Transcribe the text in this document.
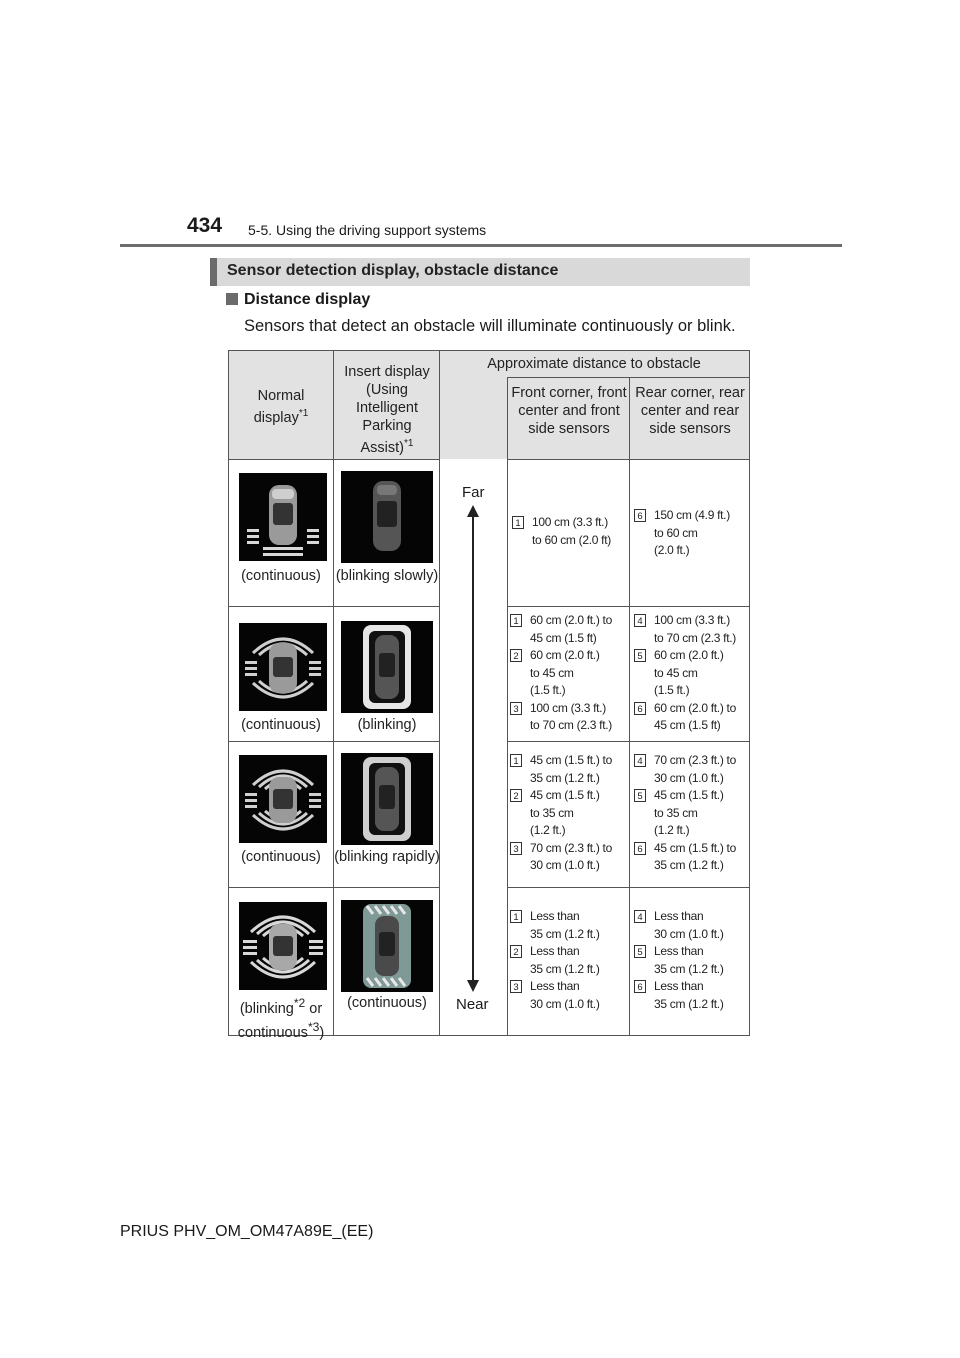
434 5-5. Using the driving support systems
Sensor detection display, obstacle distance
Distance display
Sensors that detect an obstacle will illuminate continuously or blink.
Normal display$^{*1}$
Insert display (Using Intelligent Parking Assist)$^{*1}$
Approximate distance to obstacle
Front corner, front center and front side sensors
Rear corner, rear center and rear side sensors
(continuous)	(blinking slowly)
(continuous)	(blinking)
(continuous) (blinking rapidly)
(blinking$^{*2}$ or
continuous$^{*3}$)
(continuous)
1 100 cm (3.3 ft.)
to 60 cm (2.0 ft)
6 150 cm (4.9 ft.)
to 60 cm
(2.0 ft.)
1 60 cm (2.0 ft.) to
45 cm (1.5 ft)
2 60 cm (2.0 ft.)
to 45 cm
(1.5 ft.)
3 100 cm (3.3 ft.)
to 70 cm (2.3 ft.)
4 100 cm (3.3 ft.)
to 70 cm (2.3 ft.)
5 60 cm (2.0 ft.)
to 45 cm
(1.5 ft.)
6 60 cm (2.0 ft.) to
45 cm (1.5 ft)
1 45 cm (1.5 ft.) to
35 cm (1.2 ft.)
2 45 cm (1.5 ft.)
to 35 cm
(1.2 ft.)
3 70 cm (2.3 ft.) to
30 cm (1.0 ft.)
4 70 cm (2.3 ft.) to
30 cm (1.0 ft.)
5 45 cm (1.5 ft.)
to 35 cm
(1.2 ft.)
6 45 cm (1.5 ft.) to
35 cm (1.2 ft.)
1 Less than
35 cm (1.2 ft.)
2 Less than
35 cm (1.2 ft.)
3 Less than
30 cm (1.0 ft.)
4 Less than
30 cm (1.0 ft.)
5 Less than
35 cm (1.2 ft.)
6 Less than
35 cm (1.2 ft.)
Far
Near
PRIUS PHV_OM_OM47A89E_(EE)
